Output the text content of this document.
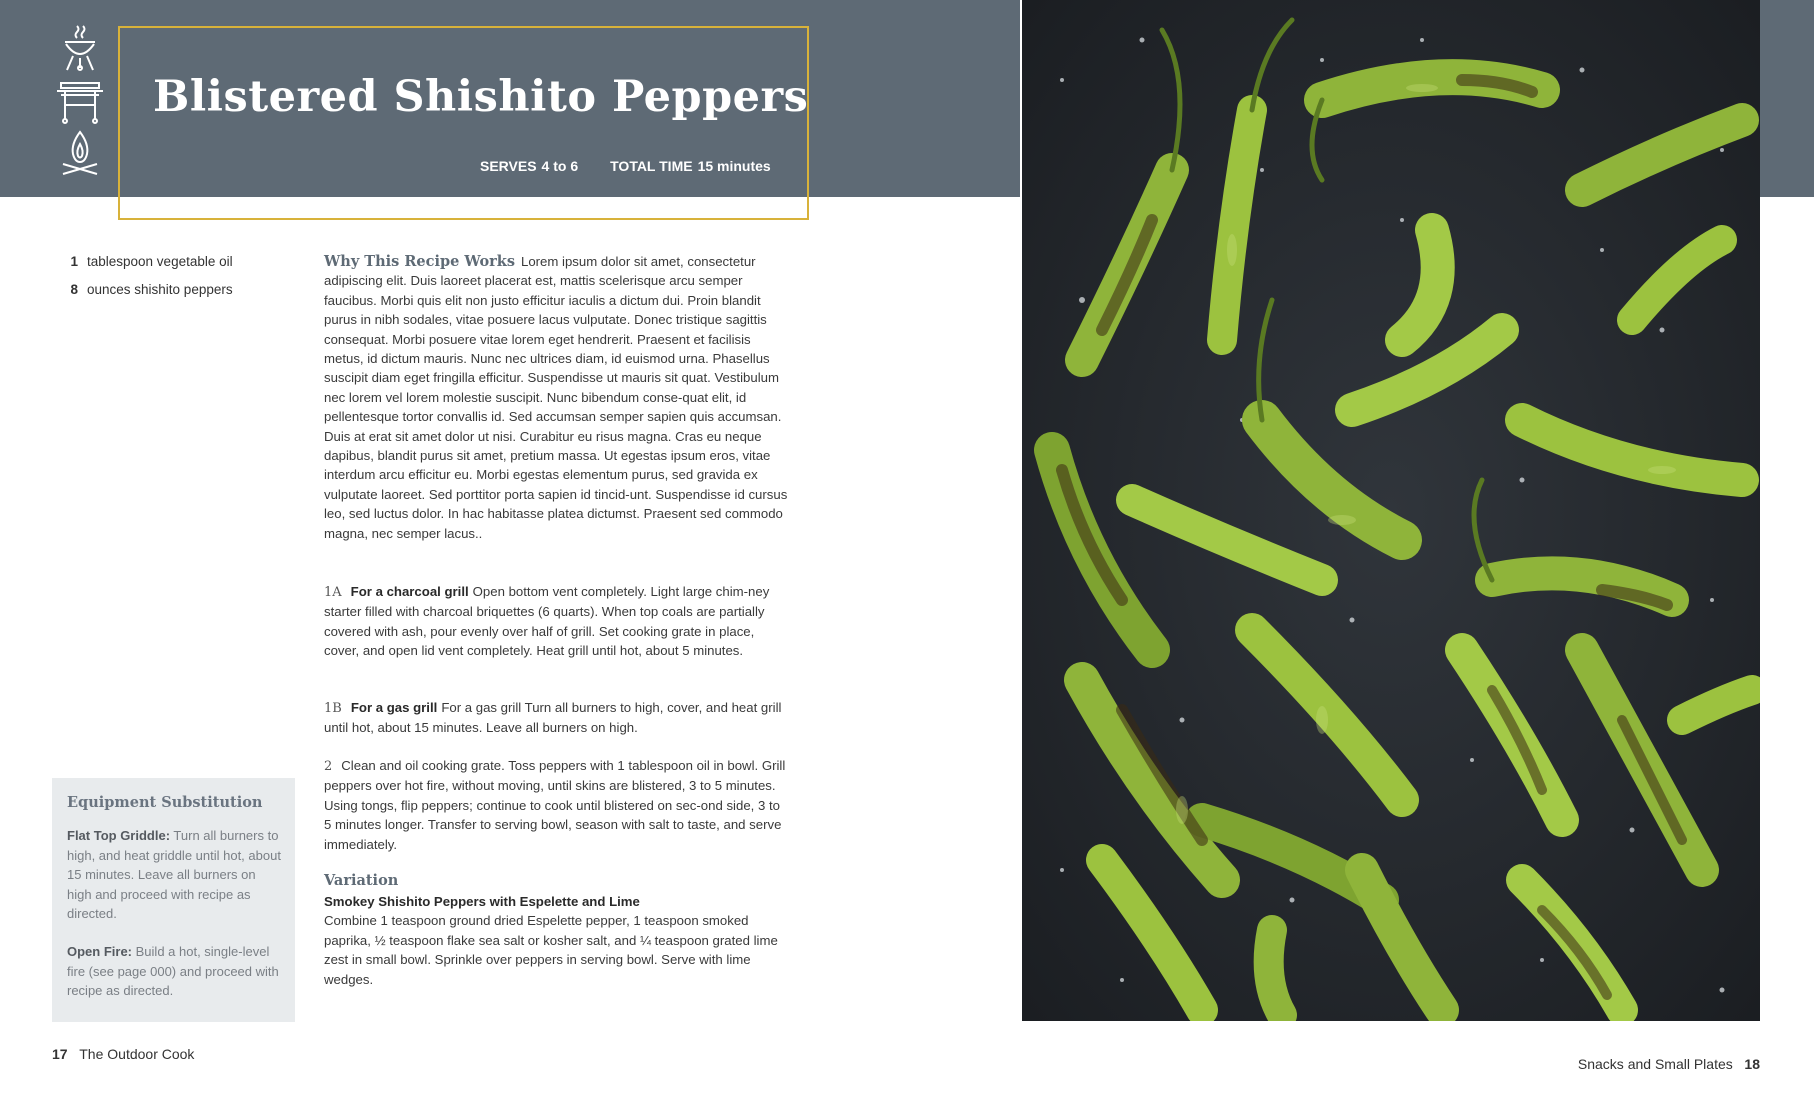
Blistered Shishito Peppers
SERVES 4 to 6 TOTAL TIME 15 minutes
1 tablespoon vegetable oil
8 ounces shishito peppers
Why This Recipe Works Lorem ipsum dolor sit amet, consectetur adipiscing elit. Duis laoreet placerat est, mattis scelerisque arcu semper faucibus. Morbi quis elit non justo efficitur iaculis a dictum dui. Proin blandit purus in nibh sodales, vitae posuere lacus vulputate. Donec tristique sagittis consequat. Morbi posuere vitae lorem eget hendrerit. Praesent et facilisis metus, id dictum mauris. Nunc nec ultrices diam, id euismod urna. Phasellus suscipit diam eget fringilla efficitur. Suspendisse ut mauris sit quat. Vestibulum nec lorem vel lorem molestie suscipit. Nunc bibendum conse-quat elit, id pellentesque tortor convallis id. Sed accumsan semper sapien quis accumsan. Duis at erat sit amet dolor ut nisi. Curabitur eu risus magna. Cras eu neque dapibus, blandit purus sit amet, pretium massa. Ut egestas ipsum eros, vitae interdum arcu efficitur eu. Morbi egestas elementum purus, sed gravida ex vulputate laoreet. Sed porttitor porta sapien id tincid-unt. Suspendisse id cursus leo, sed luctus dolor. In hac habitasse platea dictumst. Praesent sed commodo magna, nec semper lacus..
1A For a charcoal grill Open bottom vent completely. Light large chim-ney starter filled with charcoal briquettes (6 quarts). When top coals are partially covered with ash, pour evenly over half of grill. Set cooking grate in place, cover, and open lid vent completely. Heat grill until hot, about 5 minutes.
1B For a gas grill For a gas grill Turn all burners to high, cover, and heat grill until hot, about 15 minutes. Leave all burners on high.
2 Clean and oil cooking grate. Toss peppers with 1 tablespoon oil in bowl. Grill peppers over hot fire, without moving, until skins are blistered, 3 to 5 minutes. Using tongs, flip peppers; continue to cook until blistered on sec-ond side, 3 to 5 minutes longer. Transfer to serving bowl, season with salt to taste, and serve immediately.
Variation
Smokey Shishito Peppers with Espelette and Lime
Combine 1 teaspoon ground dried Espelette pepper, 1 teaspoon smoked paprika, ½ teaspoon flake sea salt or kosher salt, and ¼ teaspoon grated lime zest in small bowl. Sprinkle over peppers in serving bowl. Serve with lime wedges.
Equipment Substitution

Flat Top Griddle: Turn all burners to high, and heat griddle until hot, about 15 minutes. Leave all burners on high and proceed with recipe as directed.

Open Fire: Build a hot, single-level fire (see page 000) and proceed with recipe as directed.

17 The Outdoor Cook
Snacks and Small Plates 18
